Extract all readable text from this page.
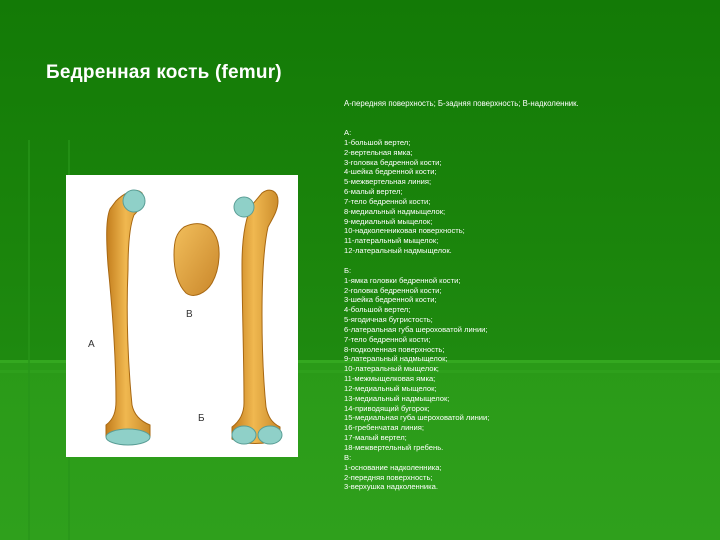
Бедренная кость (femur)
А-передняя поверхность; Б-задняя поверхность; В-надколенник.
А
В
Б
А:
1-большой вертел;
2-вертельная ямка;
3-головка бедренной кости;
4-шейка бедренной кости;
5-межвертельная линия;
6-малый вертел;
7-тело бедренной кости;
8-медиальный надмыщелок;
9-медиальный мыщелок;
10-надколенниковая поверхность;
11-латеральный мыщелок;
12-латеральный надмыщелок.
Б:
1-ямка головки бедренной кости;
2-головка бедренной кости;
3-шейка бедренной кости;
4-большой вертел;
5-ягодичная бугристость;
6-латеральная губа шероховатой линии;
7-тело бедренной кости;
8-подколенная поверхность;
9-латеральный надмыщелок;
10-латеральный мыщелок;
11-межмыщелковая ямка;
12-медиальный мыщелок;
13-медиальный надмыщелок;
14-приводящий бугорок;
15-медиальная губа шероховатой линии;
16-гребенчатая линия;
17-малый вертел;
18-межвертельный гребень.
В:
1-основание надколенника;
2-передняя поверхность;
3-верхушка надколенника.
